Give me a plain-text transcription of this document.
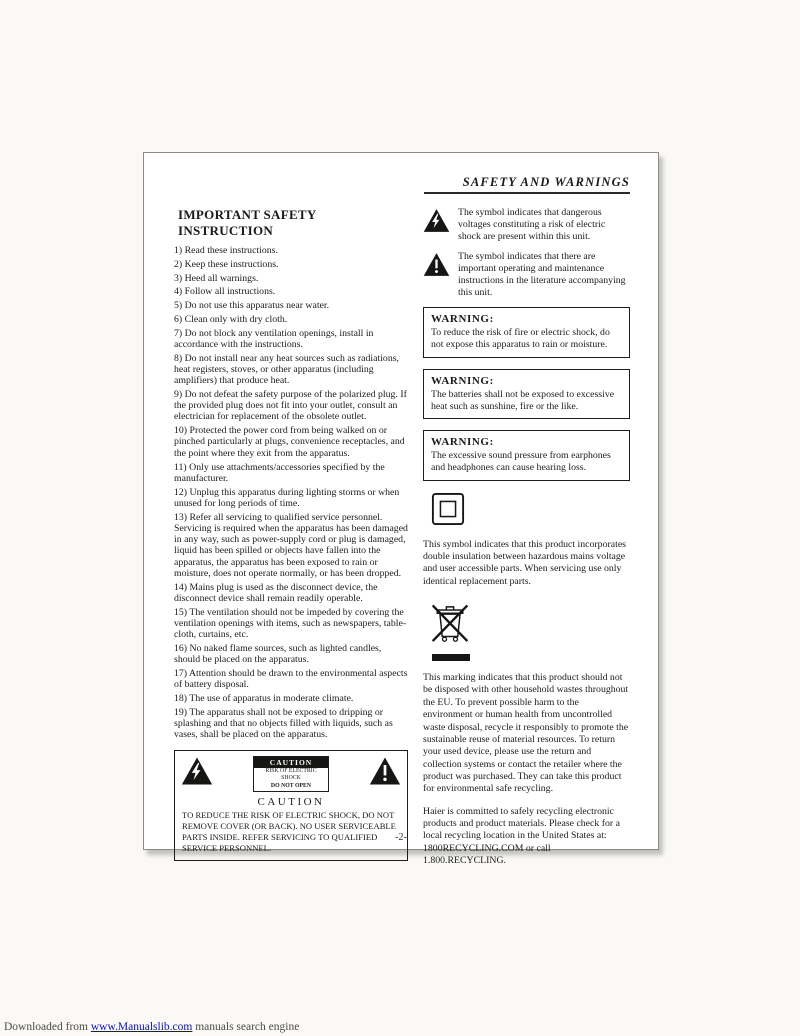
SAFETY AND WARNINGS
IMPORTANT SAFETY INSTRUCTION

1) Read these instructions.

2) Keep these instructions.

3) Heed all warnings.

4) Follow all instructions.

5) Do not use this apparatus near water.

6) Clean only with dry cloth.

7) Do not block any ventilation openings, install in accordance with the instructions.

8) Do not install near any heat sources such as radiations, heat registers, stoves, or other apparatus (including amplifiers) that produce heat.

9) Do not defeat the safety purpose of the polarized plug. If the provided plug does not fit into your outlet, consult an electrician for replacement of the obsolete outlet.

10) Protected the power cord from being walked on or pinched particularly at plugs, convenience receptacles, and the point where they exit from the apparatus.

11) Only use attachments/accessories specified by the manufacturer.

12) Unplug this apparatus during lighting storms or when unused for long periods of time.

13) Refer all servicing to qualified service personnel. Servicing is required when the apparatus has been damaged in any way, such as power-supply cord or plug is damaged, liquid has been spilled or objects have fallen into the apparatus, the apparatus has been exposed to rain or moisture, does not operate normally, or has been dropped.

14) Mains plug is used as the disconnect device, the disconnect device shall remain readily operable.

15) The ventilation should not be impeded by covering the ventilation openings with items, such as newspapers, table-cloth, curtains, etc.

16) No naked flame sources, such as lighted candles, should be placed on the apparatus.

17) Attention should be drawn to the environmental aspects of battery disposal.

18) The use of apparatus in moderate climate.

19) The apparatus shall not be exposed to dripping or splashing and that no objects filled with liquids, such as vases, shall be placed on the apparatus.

CAUTION
RISK OF ELECTRIC SHOCK
DO NOT OPEN
CAUTION
TO REDUCE THE RISK OF ELECTRIC SHOCK, DO NOT REMOVE COVER (OR BACK). NO USER SERVICEABLE PARTS INSIDE. REFER SERVICING TO QUALIFIED SERVICE PERSONNEL.
The symbol indicates that dangerous voltages constituting a risk of electric shock are present within this unit.
The symbol indicates that there are important operating and maintenance instructions in the literature accompanying this unit.
WARNING:
To reduce the risk of fire or electric shock, do not expose this apparatus to rain or moisture.
WARNING:
The batteries shall not be exposed to excessive heat such as sunshine, fire or the like.
WARNING:
The excessive sound pressure from earphones and headphones can cause hearing loss.

This symbol indicates that this product incorporates double insulation between hazardous mains voltage and user accessible parts. When servicing use only identical replacement parts.

This marking indicates that this product should not be disposed with other household wastes throughout the EU. To prevent possible harm to the environment or human health from uncontrolled waste disposal, recycle it responsibly to promote the sustainable reuse of material resources. To return your used device, please use the return and collection systems or contact the retailer where the product was purchased. They can take this product for environmental safe recycling.

Haier is committed to safely recycling electronic products and product materials. Please check for a local recycling location in the United States at: 1800RECYCLING.COM or call 1.800.RECYCLING.

-2-
Downloaded from www.Manualslib.com manuals search engine
